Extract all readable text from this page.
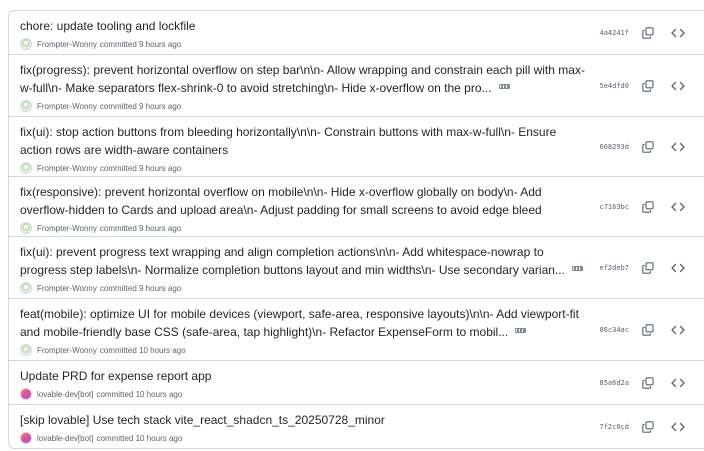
chore: update tooling and lockfile
Frompter-Wonny committed 9 hours ago
4a4241f
fix(progress): prevent horizontal overflow on step bar\n\n- Allow wrapping and constrain each pill with max-
w-full\n- Make separators flex-shrink-0 to avoid stretching\n- Hide x-overflow on the pro...
Frompter-Wonny committed 9 hours ago
5e4dfd0
fix(ui): stop action buttons from bleeding horizontally\n\n- Constrain buttons with max-w-full\n- Ensure
action rows are width-aware containers
Frompter-Wonny committed 9 hours ago
668293d
fix(responsive): prevent horizontal overflow on mobile\n\n- Hide x-overflow globally on body\n- Add
overflow-hidden to Cards and upload area\n- Adjust padding for small screens to avoid edge bleed
Frompter-Wonny committed 9 hours ago
c7163bc
fix(ui): prevent progress text wrapping and align completion actions\n\n- Add whitespace-nowrap to
progress step labels\n- Normalize completion buttons layout and min widths\n- Use secondary varian...
Frompter-Wonny committed 9 hours ago
ef2deb7
feat(mobile): optimize UI for mobile devices (viewport, safe-area, responsive layouts)\n\n- Add viewport-fit
and mobile-friendly base CSS (safe-area, tap highlight)\n- Refactor ExpenseForm to mobil...
Frompter-Wonny committed 10 hours ago
86c34ac
Update PRD for expense report app
lovable-dev[bot] committed 10 hours ago
85a6d2a
[skip lovable] Use tech stack vite_react_shadcn_ts_20250728_minor
lovable-dev[bot] committed 10 hours ago
7f2c0cd
